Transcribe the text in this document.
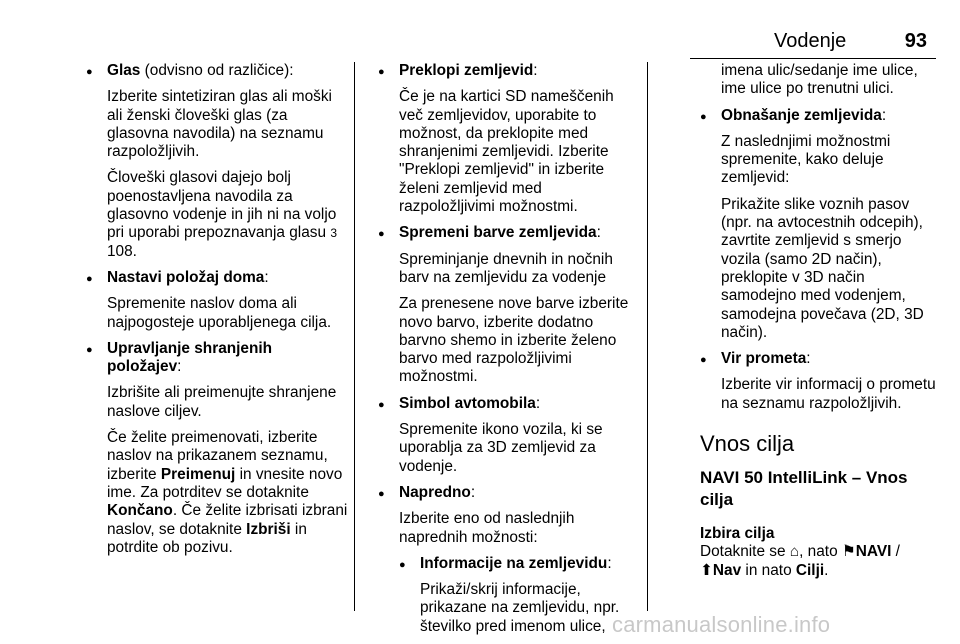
Vodenje	93
● Glas (odvisno od različice):
Izberite sintetiziran glas ali moški ali ženski človeški glas (za glasovna navodila) na seznamu razpoložljivih.
Človeški glasovi dajejo bolj poenostavljena navodila za glasovno vodenje in jih ni na voljo pri uporabi prepoznavanja glasu 3 108.
● Nastavi položaj doma:
Spremenite naslov doma ali najpogosteje uporabljenega cilja.
● Upravljanje shranjenih položajev:
Izbrišite ali preimenujte shranjene naslove ciljev.
Če želite preimenovati, izberite naslov na prikazanem seznamu, izberite Preimenuj in vnesite novo ime. Za potrditev se dotaknite Končano. Če želite izbrisati izbrani naslov, se dotaknite Izbriši in potrdite ob pozivu.
● Preklopi zemljevid:
Če je na kartici SD nameščenih več zemljevidov, uporabite to možnost, da preklopite med shranjenimi zemljevidi. Izberite "Preklopi zemljevid" in izberite želeni zemljevid med razpoložljivimi možnostmi.
● Spremeni barve zemljevida:
Spreminjanje dnevnih in nočnih barv na zemljevidu za vodenje
Za prenesene nove barve izberite novo barvo, izberite dodatno barvno shemo in izberite želeno barvo med razpoložljivimi možnostmi.
● Simbol avtomobila:
Spremenite ikono vozila, ki se uporablja za 3D zemljevid za vodenje.
● Napredno:
Izberite eno od naslednjih naprednih možnosti:
● Informacije na zemljevidu:
Prikaži/skrij informacije, prikazane na zemljevidu, npr. številko pred imenom ulice,
imena ulic/sedanje ime ulice, ime ulice po trenutni ulici.
● Obnašanje zemljevida:
Z naslednjimi možnostmi spremenite, kako deluje zemljevid:
Prikažite slike voznih pasov (npr. na avtocestnih odcepih), zavrtite zemljevid s smerjo vozila (samo 2D način), preklopite v 3D način samodejno med vodenjem, samodejna povečava (2D, 3D način).
● Vir prometa:
Izberite vir informacij o prometu na seznamu razpoložljivih.
Vnos cilja
NAVI 50 IntelliLink – Vnos cilja
Izbira cilja
Dotaknite se ⌂, nato ⚑NAVI / ⬆Nav in nato Cilji.
carmanualsonline.info
